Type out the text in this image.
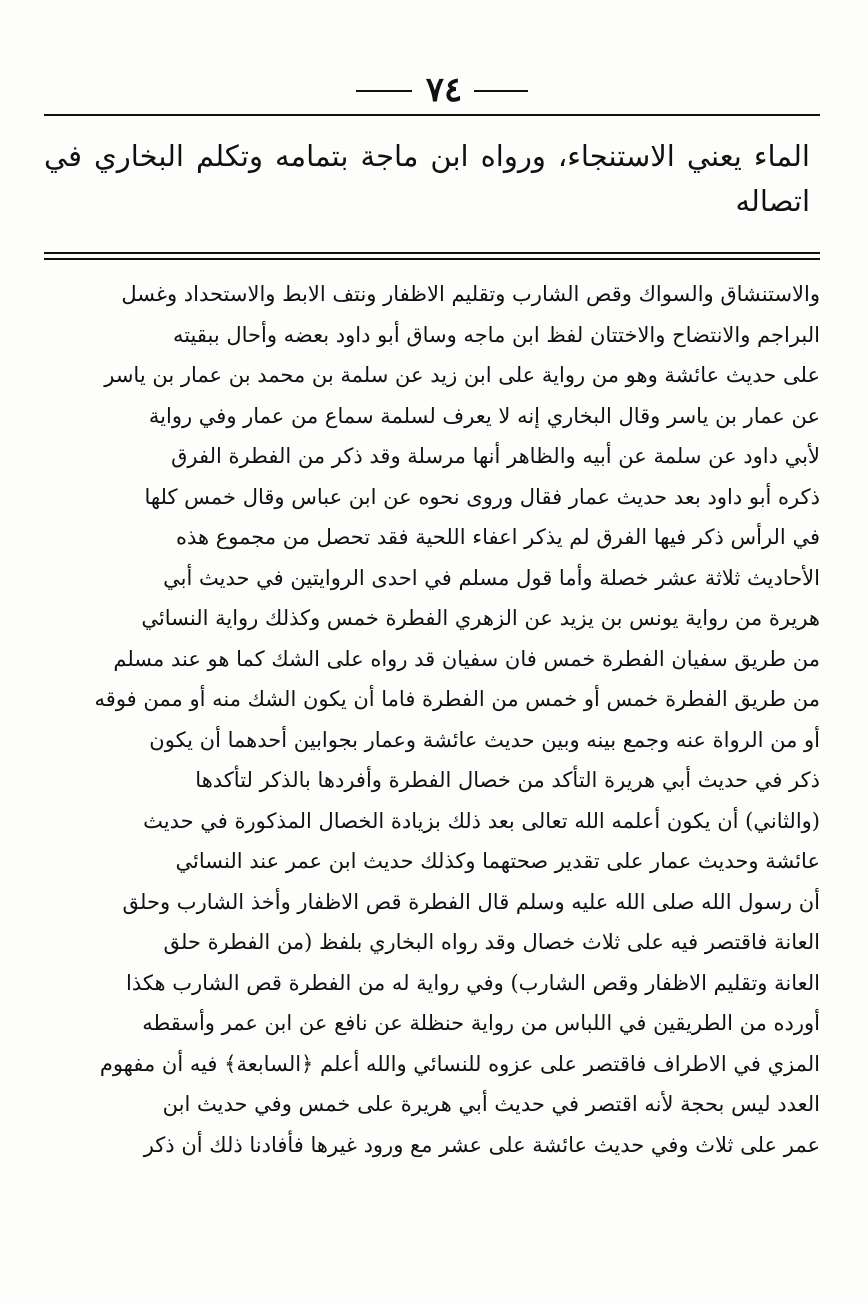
٧٤
الماء يعني الاستنجاء، ورواه ابن ماجة بتمامه وتكلم البخاري في اتصاله
والاستنشاق والسواك وقص الشارب وتقليم الاظفار ونتف الابط والاستحداد وغسل
البراجم والانتضاح والاختتان لفظ ابن ماجه وساق أبو داود بعضه وأحال ببقيته
على حديث عائشة وهو من رواية على ابن زيد عن سلمة بن محمد بن عمار بن ياسر
عن عمار بن ياسر وقال البخاري إنه لا يعرف لسلمة سماع من عمار وفي رواية
لأبي داود عن سلمة عن أبيه والظاهر أنها مرسلة وقد ذكر من الفطرة الفرق
ذكره أبو داود بعد حديث عمار فقال وروى نحوه عن ابن عباس وقال خمس كلها
في الرأس ذكر فيها الفرق لم يذكر اعفاء اللحية فقد تحصل من مجموع هذه
الأحاديث ثلاثة عشر خصلة وأما قول مسلم في احدى الروايتين في حديث أبي
هريرة من رواية يونس بن يزيد عن الزهري الفطرة خمس وكذلك رواية النسائي
من طريق سفيان الفطرة خمس فان سفيان قد رواه على الشك كما هو عند مسلم
من طريق الفطرة خمس أو خمس من الفطرة فاما أن يكون الشك منه أو ممن فوقه
أو من الرواة عنه وجمع بينه وبين حديث عائشة وعمار بجوابين أحدهما أن يكون
ذكر في حديث أبي هريرة التأكد من خصال الفطرة وأفردها بالذكر لتأكدها
(والثاني) أن يكون أعلمه الله تعالى بعد ذلك بزيادة الخصال المذكورة في حديث
عائشة وحديث عمار على تقدير صحتهما وكذلك حديث ابن عمر عند النسائي
أن رسول الله صلى الله عليه وسلم قال الفطرة قص الاظفار وأخذ الشارب وحلق
العانة فاقتصر فيه على ثلاث خصال وقد رواه البخاري بلفظ (من الفطرة حلق
العانة وتقليم الاظفار وقص الشارب) وفي رواية له من الفطرة قص الشارب هكذا
أورده من الطريقين في اللباس من رواية حنظلة عن نافع عن ابن عمر وأسقطه
المزي في الاطراف فاقتصر على عزوه للنسائي والله أعلم ﴿السابعة﴾ فيه أن مفهوم
العدد ليس بحجة لأنه اقتصر في حديث أبي هريرة على خمس وفي حديث ابن
عمر على ثلاث وفي حديث عائشة على عشر مع ورود غيرها فأفادنا ذلك أن ذكر
